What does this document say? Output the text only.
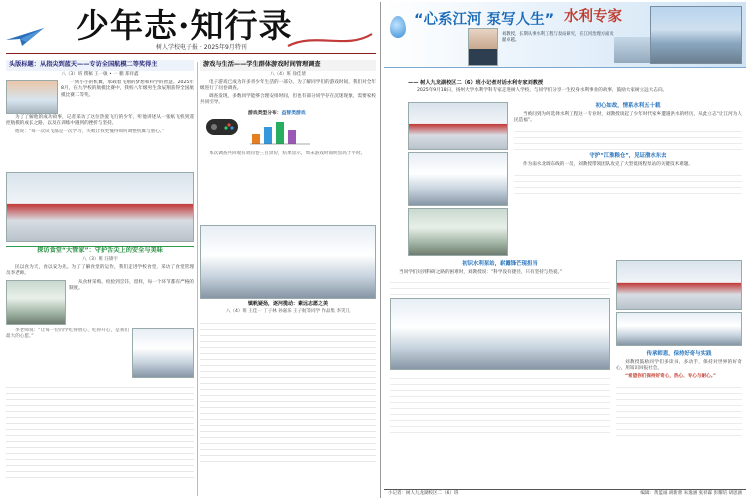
少年志·知行录
树人学校电子报 · 2025年9月特刊
头版标题：从指尖到蓝天——专访全国航模二等奖得主
八（3）班 撰稿 王一敏 • 一 鹏 郑祥鑫
一到小小的机翼，承载着飞翔的梦想和科学的智慧。2025年8月，在九学校的航模比赛中，我校八年级男生余辰翔获得全国航模比赛二等奖。
为了了解他的成功故事，记者采访了这位热爱飞行的少年，听他讲述从一张纸飞机到遥控航模的成长之路，以及在训练中遇到的挫折与坚持。
他说：“每一次试飞都是一次学习，失败让我更懂得如何调整机翼与重心。”
探访食堂“大管家”：守护舌尖上的安全与美味
八（3）班 汪锦宇
民以食为天，食以安为先。为了了解食堂的运作，我们走进学校食堂，采访了食堂管理员李老师。
从食材采购、检验到烹饪、留样，每一个环节都有严格的制度。
李老师说：“让每一位同学吃得放心、吃得开心，是我们最大的心愿。”
游戏与生活——学生群体游戏时间管理调查
八（4）班 徐佳倩
电子游戏已成为许多青少年生活的一部分。为了解同学们的游戏时间，我们对全年级进行了问卷调查。
调查发现，多数同学能够合理安排时间，但也有部分同学存在沉迷现象，需要家校共同引导。
游戏类型分布：益智类游戏
本次调查共回收有效问卷三百余份，结果显示，周末游戏时间明显高于平时。
镇帆疑扬，逐河揽动：素远志愿之美
八（4）班 王佳一 丁子林 孙嘉乐 王子航等同学 作品集 李笑儿
“心系江河 泵写人生” 水利专家
刘教授，长期从事水利工程与泵站研究，在江河治理方面贡献卓越。
—— 树人九龙湖校区二（6）班小记者对话水利专家刘教授
2025年9月18日，扬州大学水利学科专家走进树人学校，与同学们分享一生投身水利事业的故事，鼓励大家树立远大志向。
初心如故，情系水利五十载
当被问到为何选择水利工程这一专业时，刘教授谈起了少年时代家乡遭遇洪水的经历，从此立志“让江河为人民造福”。
守护“江淮粮仓”，见证渤水东去
作为南水北调东线的一员，刘教授带领团队攻克了大型低扬程泵站的关键技术难题。
初识水利泵站，崭露锋芒现担当
当同学们问到科研之路的困难时，刘教授说：“科学没有捷径，只有坚持与热爱。”
传承师恩，保持好奇与实践
刘教授鼓励同学们多读书、多动手，保持对世界的好奇心，用知识回报社会。
“希望你们保持好奇心，热心、专心与耐心。”
小记者：树人九龙湖校区二（6）班	编辑：黄蓝诚 胡新蕾 朱逸涵 张祥霖 彭耀培 胡思涵
